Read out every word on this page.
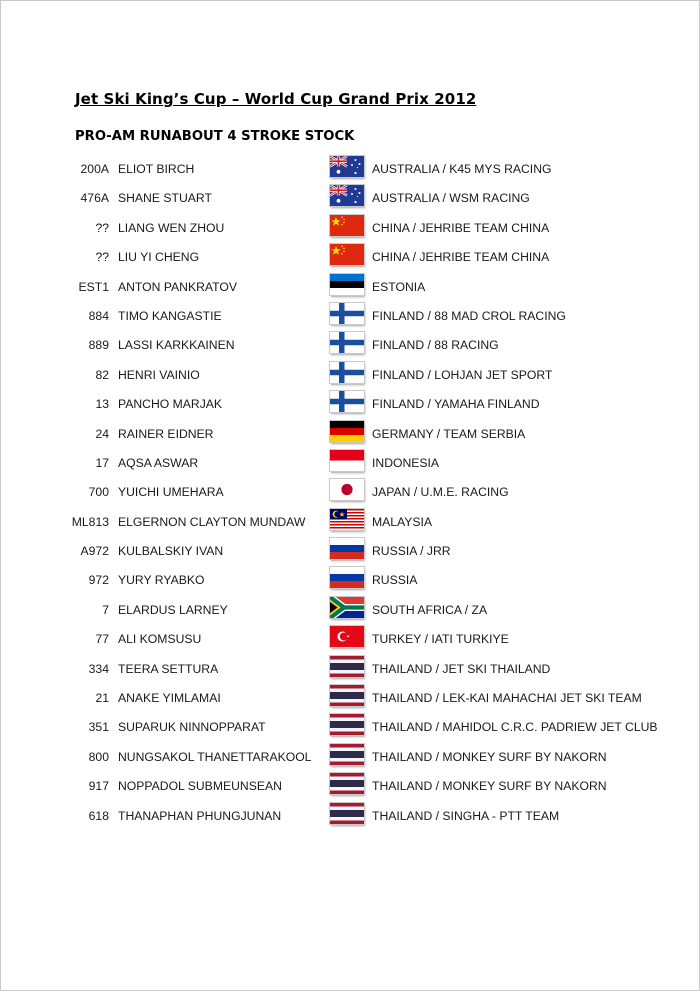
Jet Ski King’s Cup – World Cup Grand Prix 2012
PRO-AM RUNABOUT 4 STROKE STOCK
200A ELIOT BIRCH	AUSTRALIA / K45 MYS RACING
476A SHANE STUART	AUSTRALIA / WSM RACING
?? LIANG WEN ZHOU	CHINA / JEHRIBE TEAM CHINA
?? LIU YI CHENG	CHINA / JEHRIBE TEAM CHINA
EST1 ANTON PANKRATOV	ESTONIA
884 TIMO KANGASTIE	FINLAND / 88 MAD CROL RACING
889 LASSI KARKKAINEN	FINLAND / 88 RACING
82 HENRI VAINIO	FINLAND / LOHJAN JET SPORT
13 PANCHO MARJAK	FINLAND / YAMAHA FINLAND
24 RAINER EIDNER	GERMANY / TEAM SERBIA
17 AQSA ASWAR	INDONESIA
700 YUICHI UMEHARA	JAPAN / U.M.E. RACING
ML813 ELGERNON CLAYTON MUNDAW	MALAYSIA
A972 KULBALSKIY IVAN	RUSSIA / JRR
972 YURY RYABKO	RUSSIA
7 ELARDUS LARNEY	SOUTH AFRICA / ZA
77 ALI KOMSUSU	TURKEY / IATI TURKIYE
334 TEERA SETTURA	THAILAND / JET SKI THAILAND
21 ANAKE YIMLAMAI	THAILAND / LEK-KAI MAHACHAI JET SKI TEAM
351 SUPARUK NINNOPPARAT	THAILAND / MAHIDOL C.R.C. PADRIEW JET CLUB
800 NUNGSAKOL THANETTARAKOOL	THAILAND / MONKEY SURF BY NAKORN
917 NOPPADOL SUBMEUNSEAN	THAILAND / MONKEY SURF BY NAKORN
618 THANAPHAN PHUNGJUNAN	THAILAND / SINGHA - PTT TEAM
